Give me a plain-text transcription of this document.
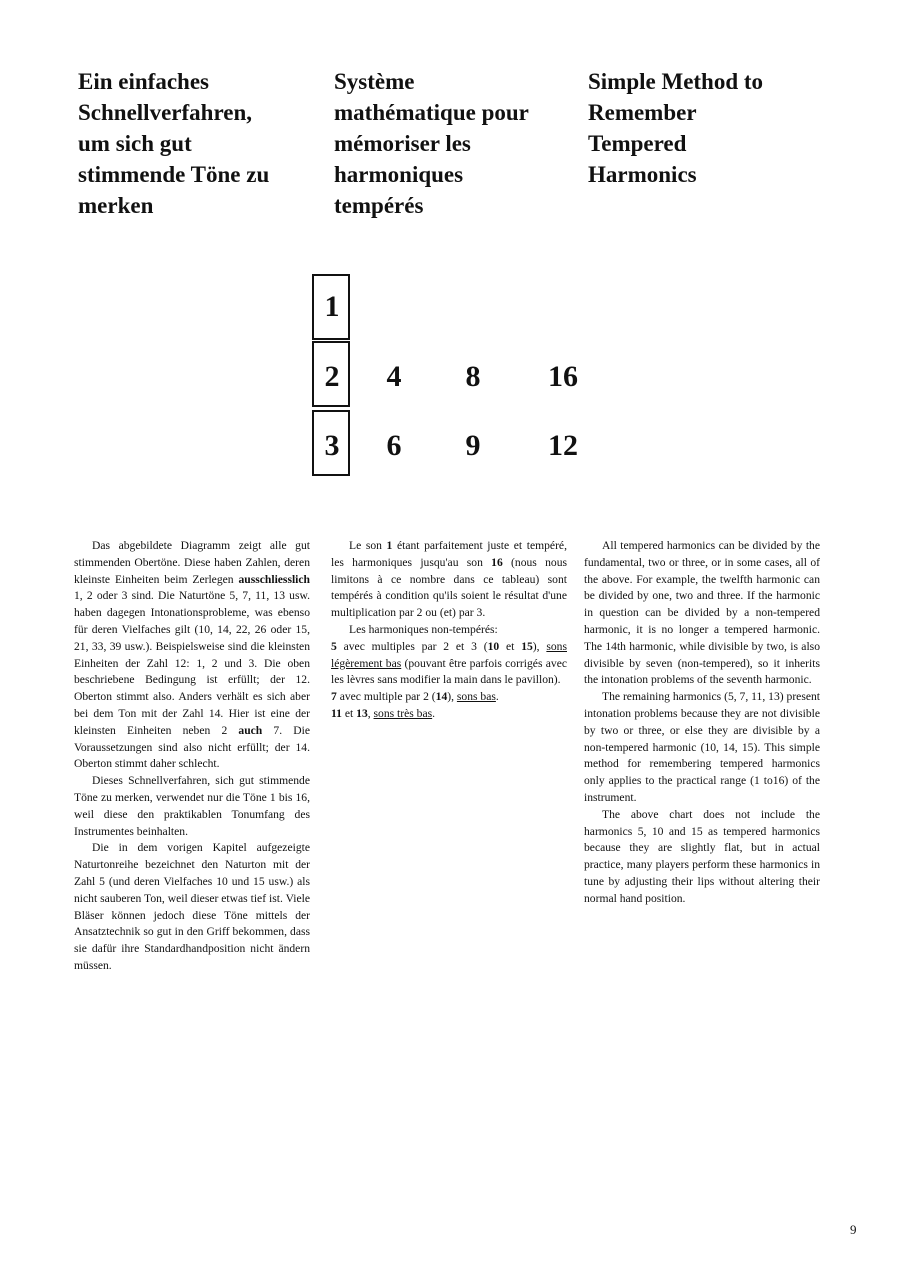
Ein einfaches
Schnellverfahren,
um sich gut
stimmende Töne zu
merken
Système
mathématique pour
mémoriser les
harmoniques
tempérés
Simple Method to
Remember
Tempered
Harmonics
1
2	4	8	16
3	6	9	12

Das abgebildete Diagramm zeigt alle gut stimmenden Obertöne. Diese haben Zahlen, deren kleinste Einheiten beim Zerlegen ausschliesslich 1, 2 oder 3 sind. Die Naturtöne 5, 7, 11, 13 usw. haben dagegen Intonationsprobleme, was ebenso für deren Vielfaches gilt (10, 14, 22, 26 oder 15, 21, 33, 39 usw.). Beispielsweise sind die kleinsten Einheiten der Zahl 12: 1, 2 und 3. Die oben beschriebene Bedingung ist erfüllt; der 12. Oberton stimmt also. Anders verhält es sich aber bei dem Ton mit der Zahl 14. Hier ist eine der kleinsten Einheiten neben 2 auch 7. Die Voraussetzungen sind also nicht erfüllt; der 14. Oberton stimmt daher schlecht.

Dieses Schnellverfahren, sich gut stimmende Töne zu merken, verwendet nur die Töne 1 bis 16, weil diese den praktikablen Tonumfang des Instrumentes beinhalten.

Die in dem vorigen Kapitel aufgezeigte Naturtonreihe bezeichnet den Naturton mit der Zahl 5 (und deren Vielfaches 10 und 15 usw.) als nicht sauberen Ton, weil dieser etwas tief ist. Viele Bläser können jedoch diese Töne mittels der Ansatztechnik so gut in den Griff bekommen, dass sie dafür ihre Standardhandposition nicht ändern müssen.

Le son 1 étant parfaitement juste et tempéré, les harmoniques jusqu'au son 16 (nous nous limitons à ce nombre dans ce tableau) sont tempérés à condition qu'ils soient le résultat d'une multiplication par 2 ou (et) par 3.

Les harmoniques non-tempérés:

5 avec multiples par 2 et 3 (10 et 15), sons légèrement bas (pouvant être parfois corrigés avec les lèvres sans modifier la main dans le pavillon).

7 avec multiple par 2 (14), sons bas.

11 et 13, sons très bas.

All tempered harmonics can be divided by the fundamental, two or three, or in some cases, all of the above. For example, the twelfth harmonic can be divided by one, two and three. If the harmonic in question can be divided by a non-tempered harmonic, it is no longer a tempered harmonic. The 14th harmonic, while divisible by two, is also divisible by seven (non-tempered), so it inherits the intonation problems of the seventh harmonic.

The remaining harmonics (5, 7, 11, 13) present intonation problems because they are not divisible by two or three, or else they are divisible by a non-tempered harmonic (10, 14, 15). This simple method for remembering tempered harmonics only applies to the practical range (1 to16) of the instrument.

The above chart does not include the harmonics 5, 10 and 15 as tempered harmonics because they are slightly flat, but in actual practice, many players perform these harmonics in tune by adjusting their lips without altering their normal hand position.

9
